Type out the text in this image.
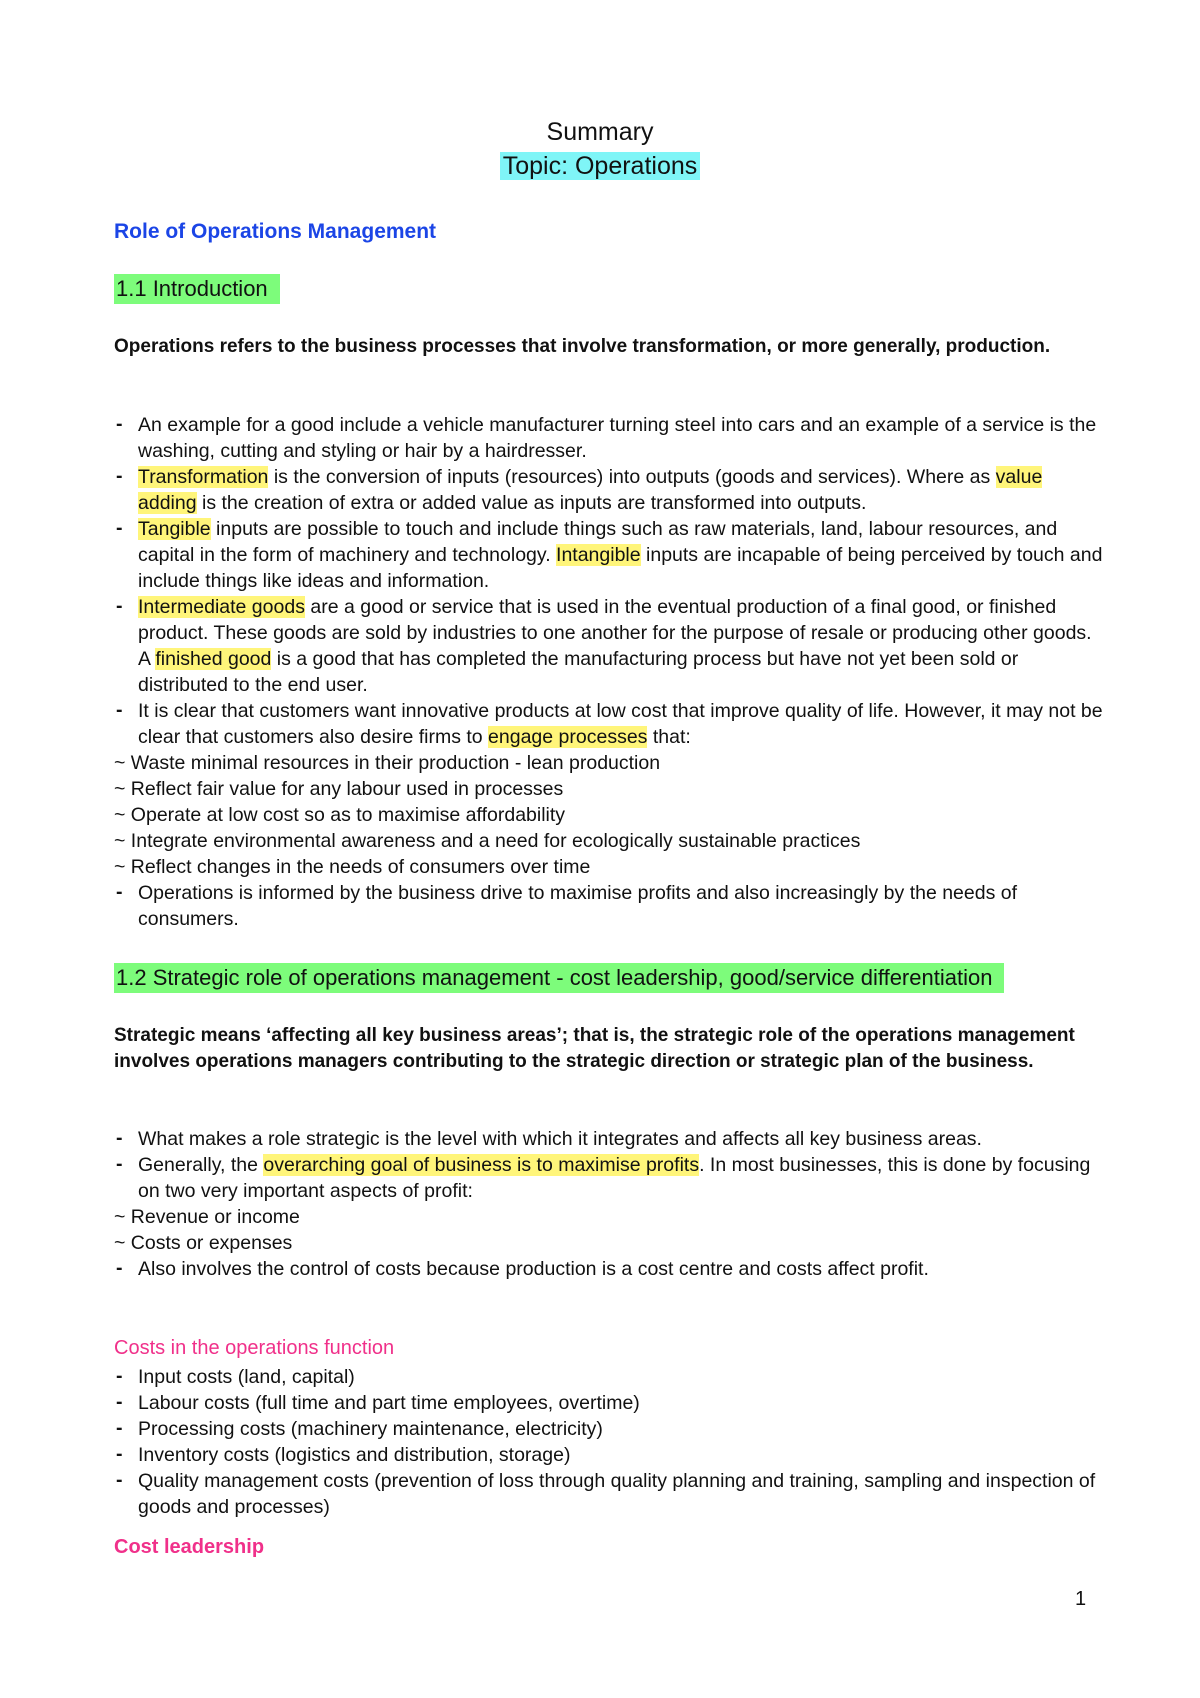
Summary
Topic: Operations
Role of Operations Management
1.1 Introduction
Operations refers to the business processes that involve transformation, or more generally, production.
- An example for a good include a vehicle manufacturer turning steel into cars and an example of a service is the washing, cutting and styling or hair by a hairdresser.
- Transformation is the conversion of inputs (resources) into outputs (goods and services). Where as value adding is the creation of extra or added value as inputs are transformed into outputs.
- Tangible inputs are possible to touch and include things such as raw materials, land, labour resources, and capital in the form of machinery and technology. Intangible inputs are incapable of being perceived by touch and include things like ideas and information.
- Intermediate goods are a good or service that is used in the eventual production of a final good, or finished product. These goods are sold by industries to one another for the purpose of resale or producing other goods. A finished good is a good that has completed the manufacturing process but have not yet been sold or distributed to the end user.
- It is clear that customers want innovative products at low cost that improve quality of life. However, it may not be clear that customers also desire firms to engage processes that:
~ Waste minimal resources in their production - lean production
~ Reflect fair value for any labour used in processes
~ Operate at low cost so as to maximise affordability
~ Integrate environmental awareness and a need for ecologically sustainable practices
~ Reflect changes in the needs of consumers over time
- Operations is informed by the business drive to maximise profits and also increasingly by the needs of consumers.
1.2 Strategic role of operations management - cost leadership, good/service differentiation
Strategic means ‘affecting all key business areas’; that is, the strategic role of the operations management involves operations managers contributing to the strategic direction or strategic plan of the business.
- What makes a role strategic is the level with which it integrates and affects all key business areas.
- Generally, the overarching goal of business is to maximise profits. In most businesses, this is done by focusing on two very important aspects of profit:
~ Revenue or income
~ Costs or expenses
- Also involves the control of costs because production is a cost centre and costs affect profit.
Costs in the operations function
- Input costs (land, capital)
- Labour costs (full time and part time employees, overtime)
- Processing costs (machinery maintenance, electricity)
- Inventory costs (logistics and distribution, storage)
- Quality management costs (prevention of loss through quality planning and training, sampling and inspection of goods and processes)
Cost leadership
1
